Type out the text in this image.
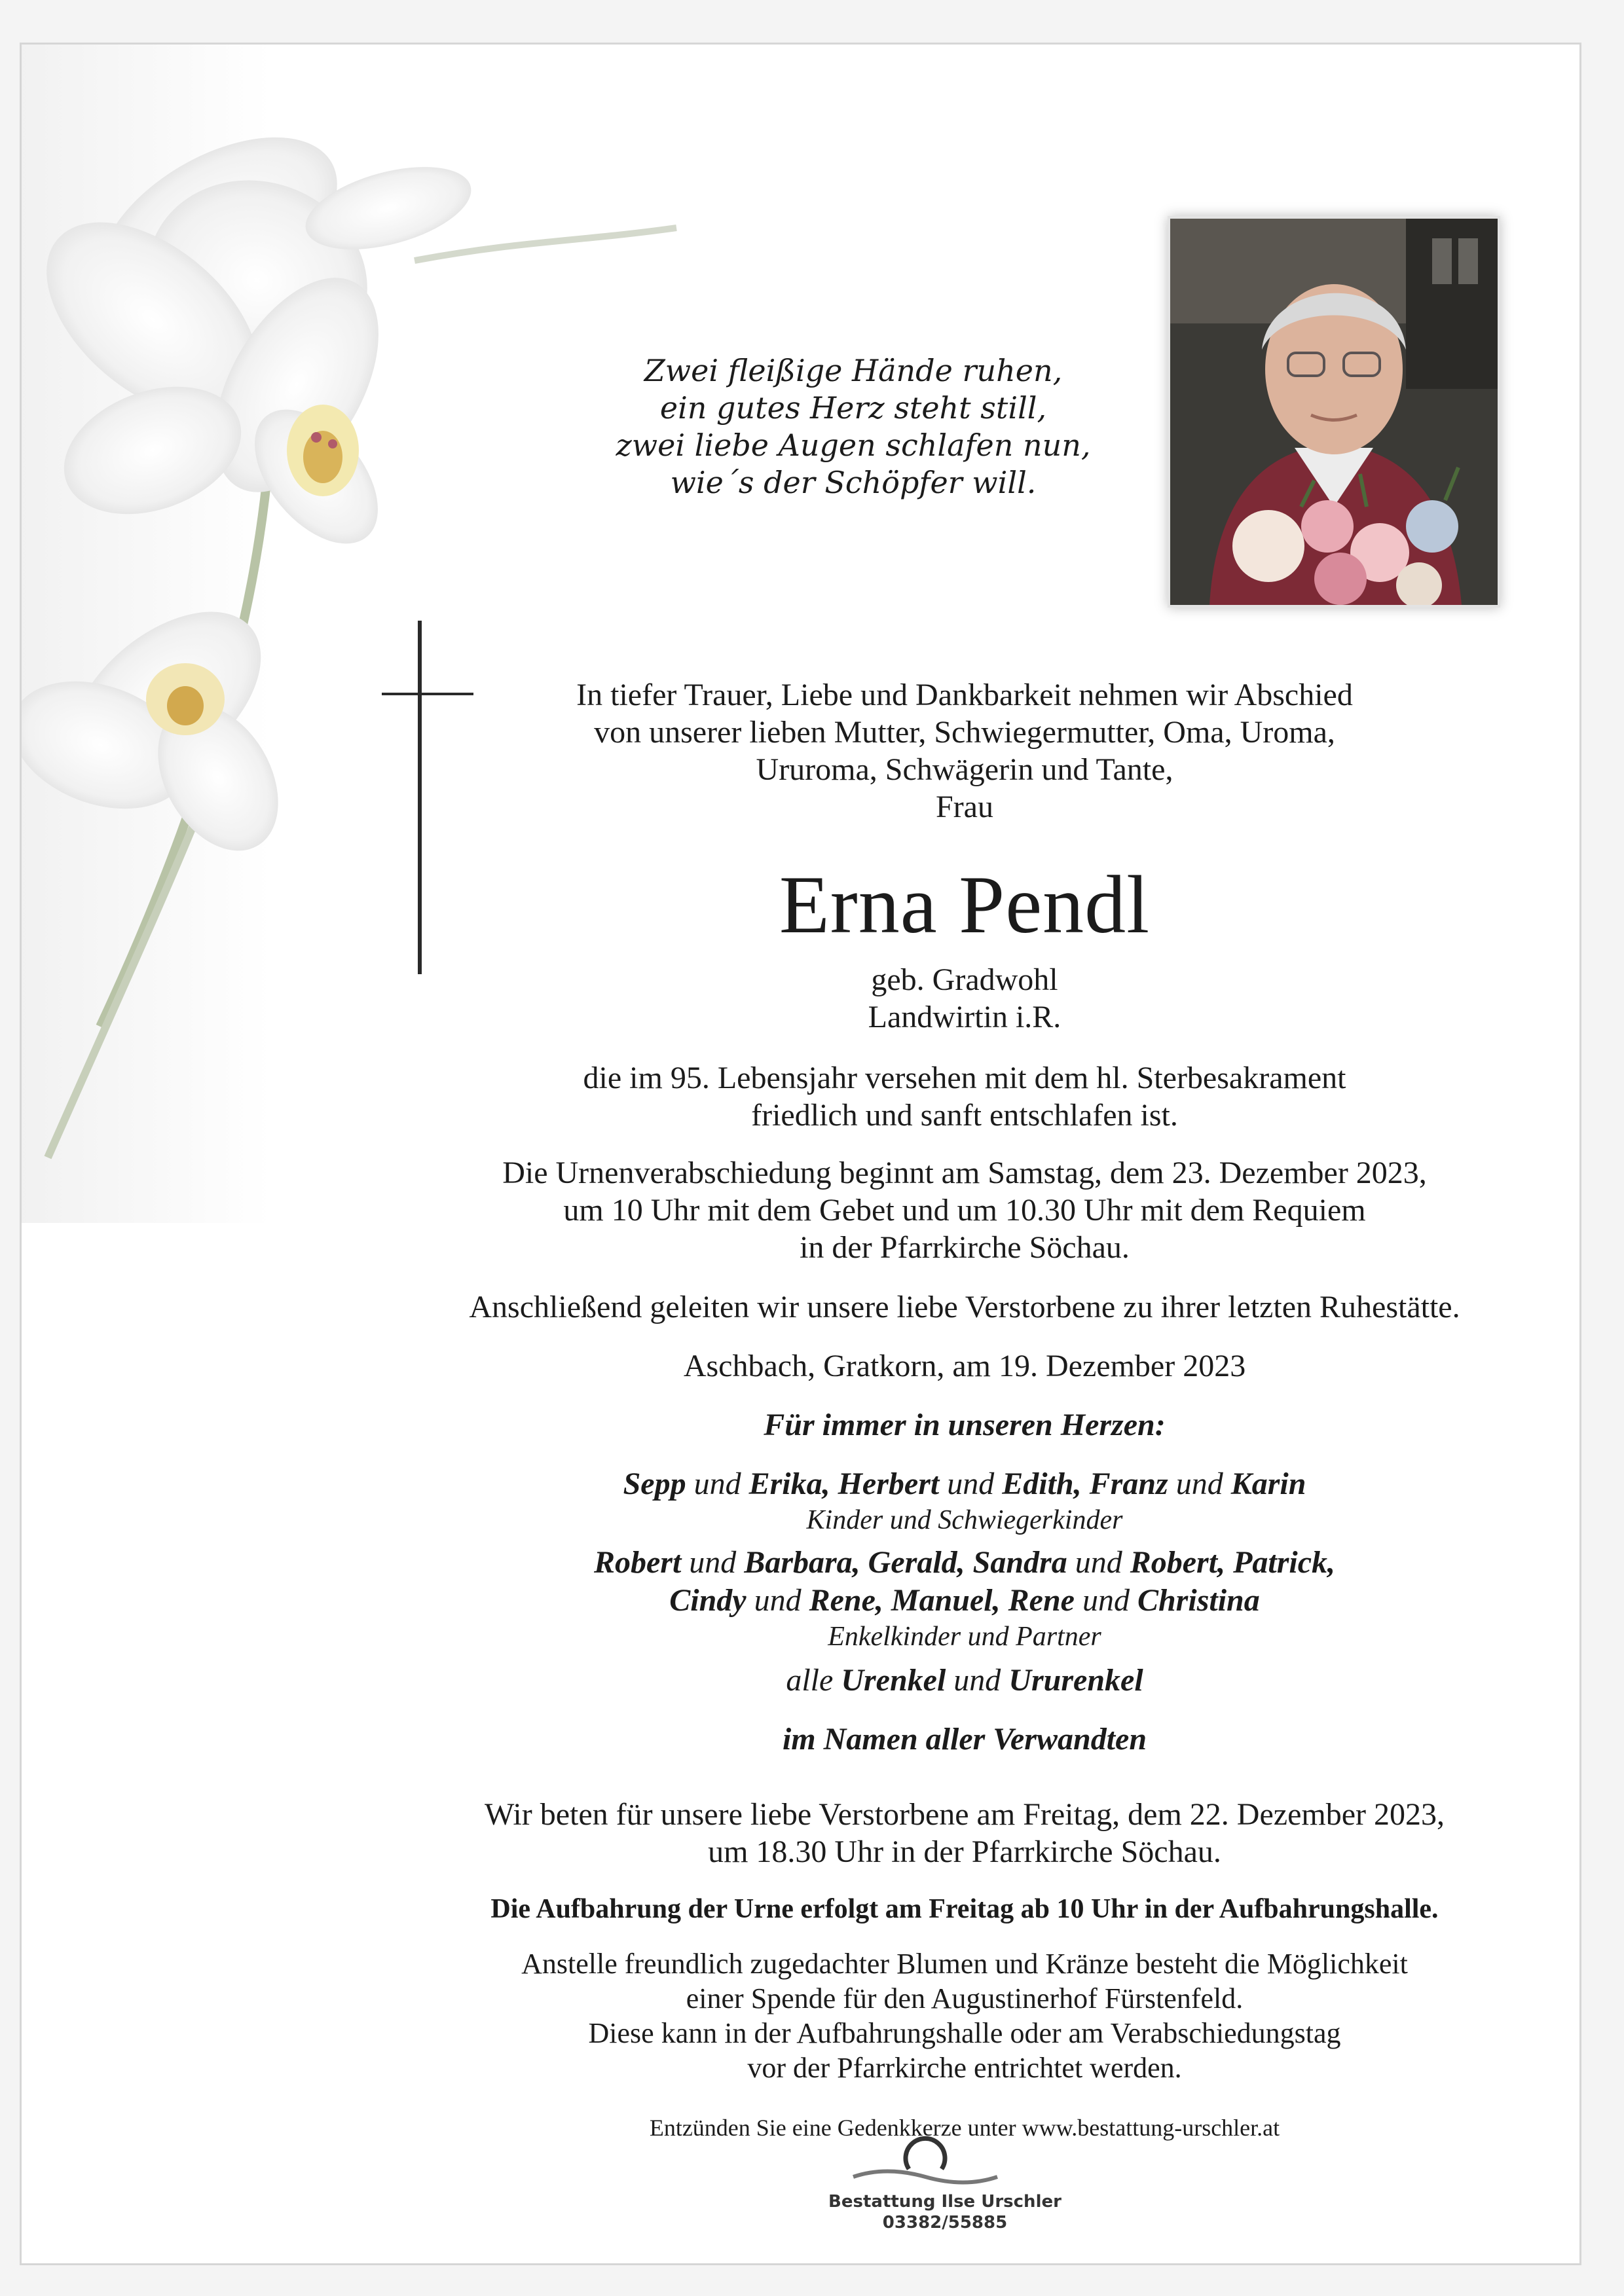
Zwei fleißige Hände ruhen,
ein gutes Herz steht still,
zwei liebe Augen schlafen nun,
wie´s der Schöpfer will.
In tiefer Trauer, Liebe und Dankbarkeit nehmen wir Abschied
von unserer lieben Mutter, Schwiegermutter, Oma, Uroma,
Ururoma, Schwägerin und Tante,
Frau
Erna Pendl
geb. Gradwohl
Landwirtin i.R.
die im 95. Lebensjahr versehen mit dem hl. Sterbesakrament
friedlich und sanft entschlafen ist.
Die Urnenverabschiedung beginnt am Samstag, dem 23. Dezember 2023,
um 10 Uhr mit dem Gebet und um 10.30 Uhr mit dem Requiem
in der Pfarrkirche Söchau.
Anschließend geleiten wir unsere liebe Verstorbene zu ihrer letzten Ruhestätte.
Aschbach, Gratkorn, am 19. Dezember 2023
Für immer in unseren Herzen:
Sepp und Erika, Herbert und Edith, Franz und Karin
Kinder und Schwiegerkinder
Robert und Barbara, Gerald, Sandra und Robert, Patrick,
Cindy und Rene, Manuel, Rene und Christina
Enkelkinder und Partner
alle Urenkel und Ururenkel
im Namen aller Verwandten
Wir beten für unsere liebe Verstorbene am Freitag, dem 22. Dezember 2023,
um 18.30 Uhr in der Pfarrkirche Söchau.
Die Aufbahrung der Urne erfolgt am Freitag ab 10 Uhr in der Aufbahrungshalle.
Anstelle freundlich zugedachter Blumen und Kränze besteht die Möglichkeit
einer Spende für den Augustinerhof Fürstenfeld.
Diese kann in der Aufbahrungshalle oder am Verabschiedungstag
vor der Pfarrkirche entrichtet werden.
Entzünden Sie eine Gedenkkerze unter www.bestattung-urschler.at
Bestattung Ilse Urschler
03382/55885
